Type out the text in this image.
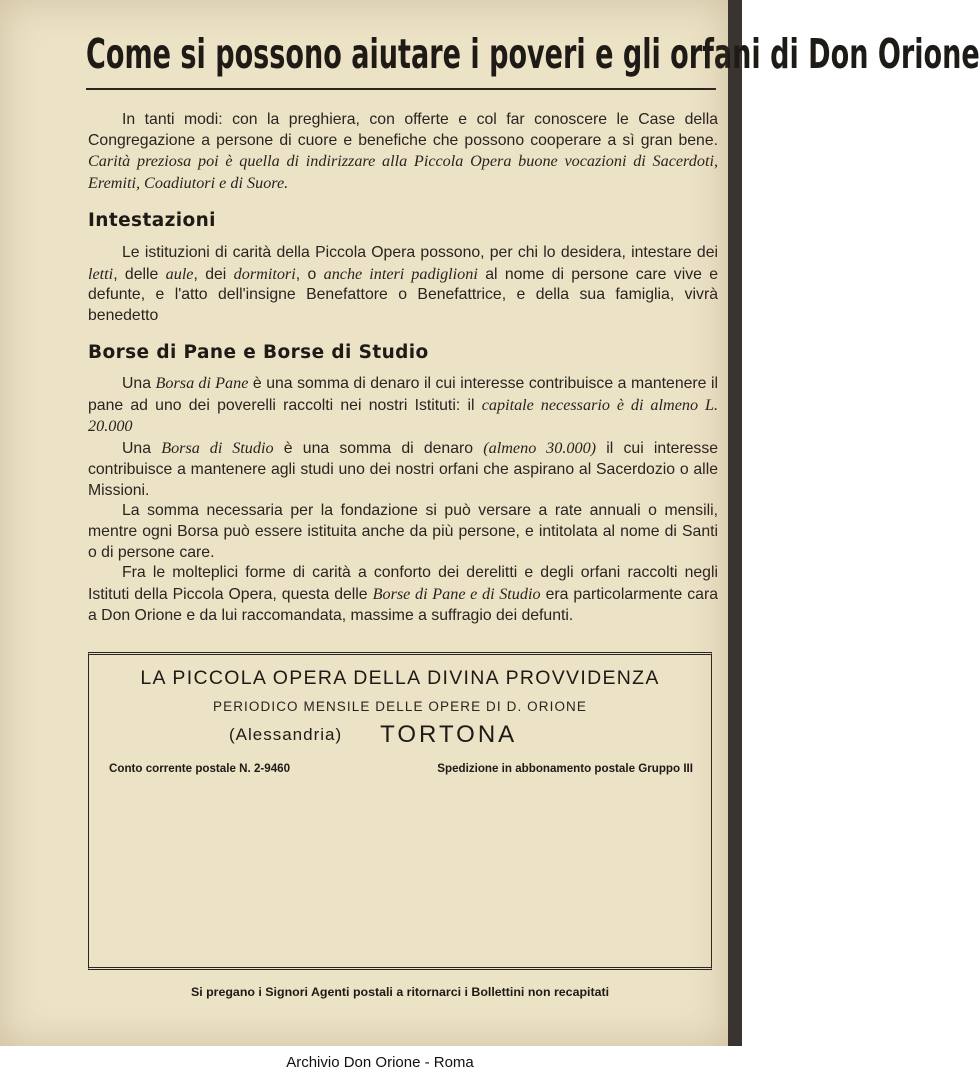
Come si possono aiutare i poveri e gli orfani di Don Orione

In tanti modi: con la preghiera, con offerte e col far conoscere le Case della Congregazione a persone di cuore e benefiche che possono cooperare a sì gran bene. Carità preziosa poi è quella di indirizzare alla Piccola Opera buone vocazioni di Sacerdoti, Eremiti, Coadiutori e di Suore.

Intestazioni

Le istituzioni di carità della Piccola Opera possono, per chi lo desidera, intestare dei letti, delle aule, dei dormitori, o anche interi padiglioni al nome di persone care vive e defunte, e l'atto dell'insigne Benefattore o Benefattrice, e della sua famiglia, vivrà benedetto

Borse di Pane e Borse di Studio

Una Borsa di Pane è una somma di denaro il cui interesse contribuisce a mantenere il pane ad uno dei poverelli raccolti nei nostri Istituti: il capitale necessario è di almeno L. 20.000

Una Borsa di Studio è una somma di denaro (almeno 30.000) il cui interesse contribuisce a mantenere agli studi uno dei nostri orfani che aspirano al Sacerdozio o alle Missioni.

La somma necessaria per la fondazione si può versare a rate annuali o mensili, mentre ogni Borsa può essere istituita anche da più persone, e intitolata al nome di Santi o di persone care.

Fra le molteplici forme di carità a conforto dei derelitti e degli orfani raccolti negli Istituti della Piccola Opera, questa delle Borse di Pane e di Studio era particolarmente cara a Don Orione e da lui raccomandata, massime a suffragio dei defunti.

LA PICCOLA OPERA DELLA DIVINA PROVVIDENZA
PERIODICO MENSILE DELLE OPERE DI D. ORIONE
(Alessandria) TORTONA
Conto corrente postale N. 2-9460	Spedizione in abbonamento postale Gruppo III
Si pregano i Signori Agenti postali a ritornarci i Bollettini non recapitati
Archivio Don Orione - Roma
